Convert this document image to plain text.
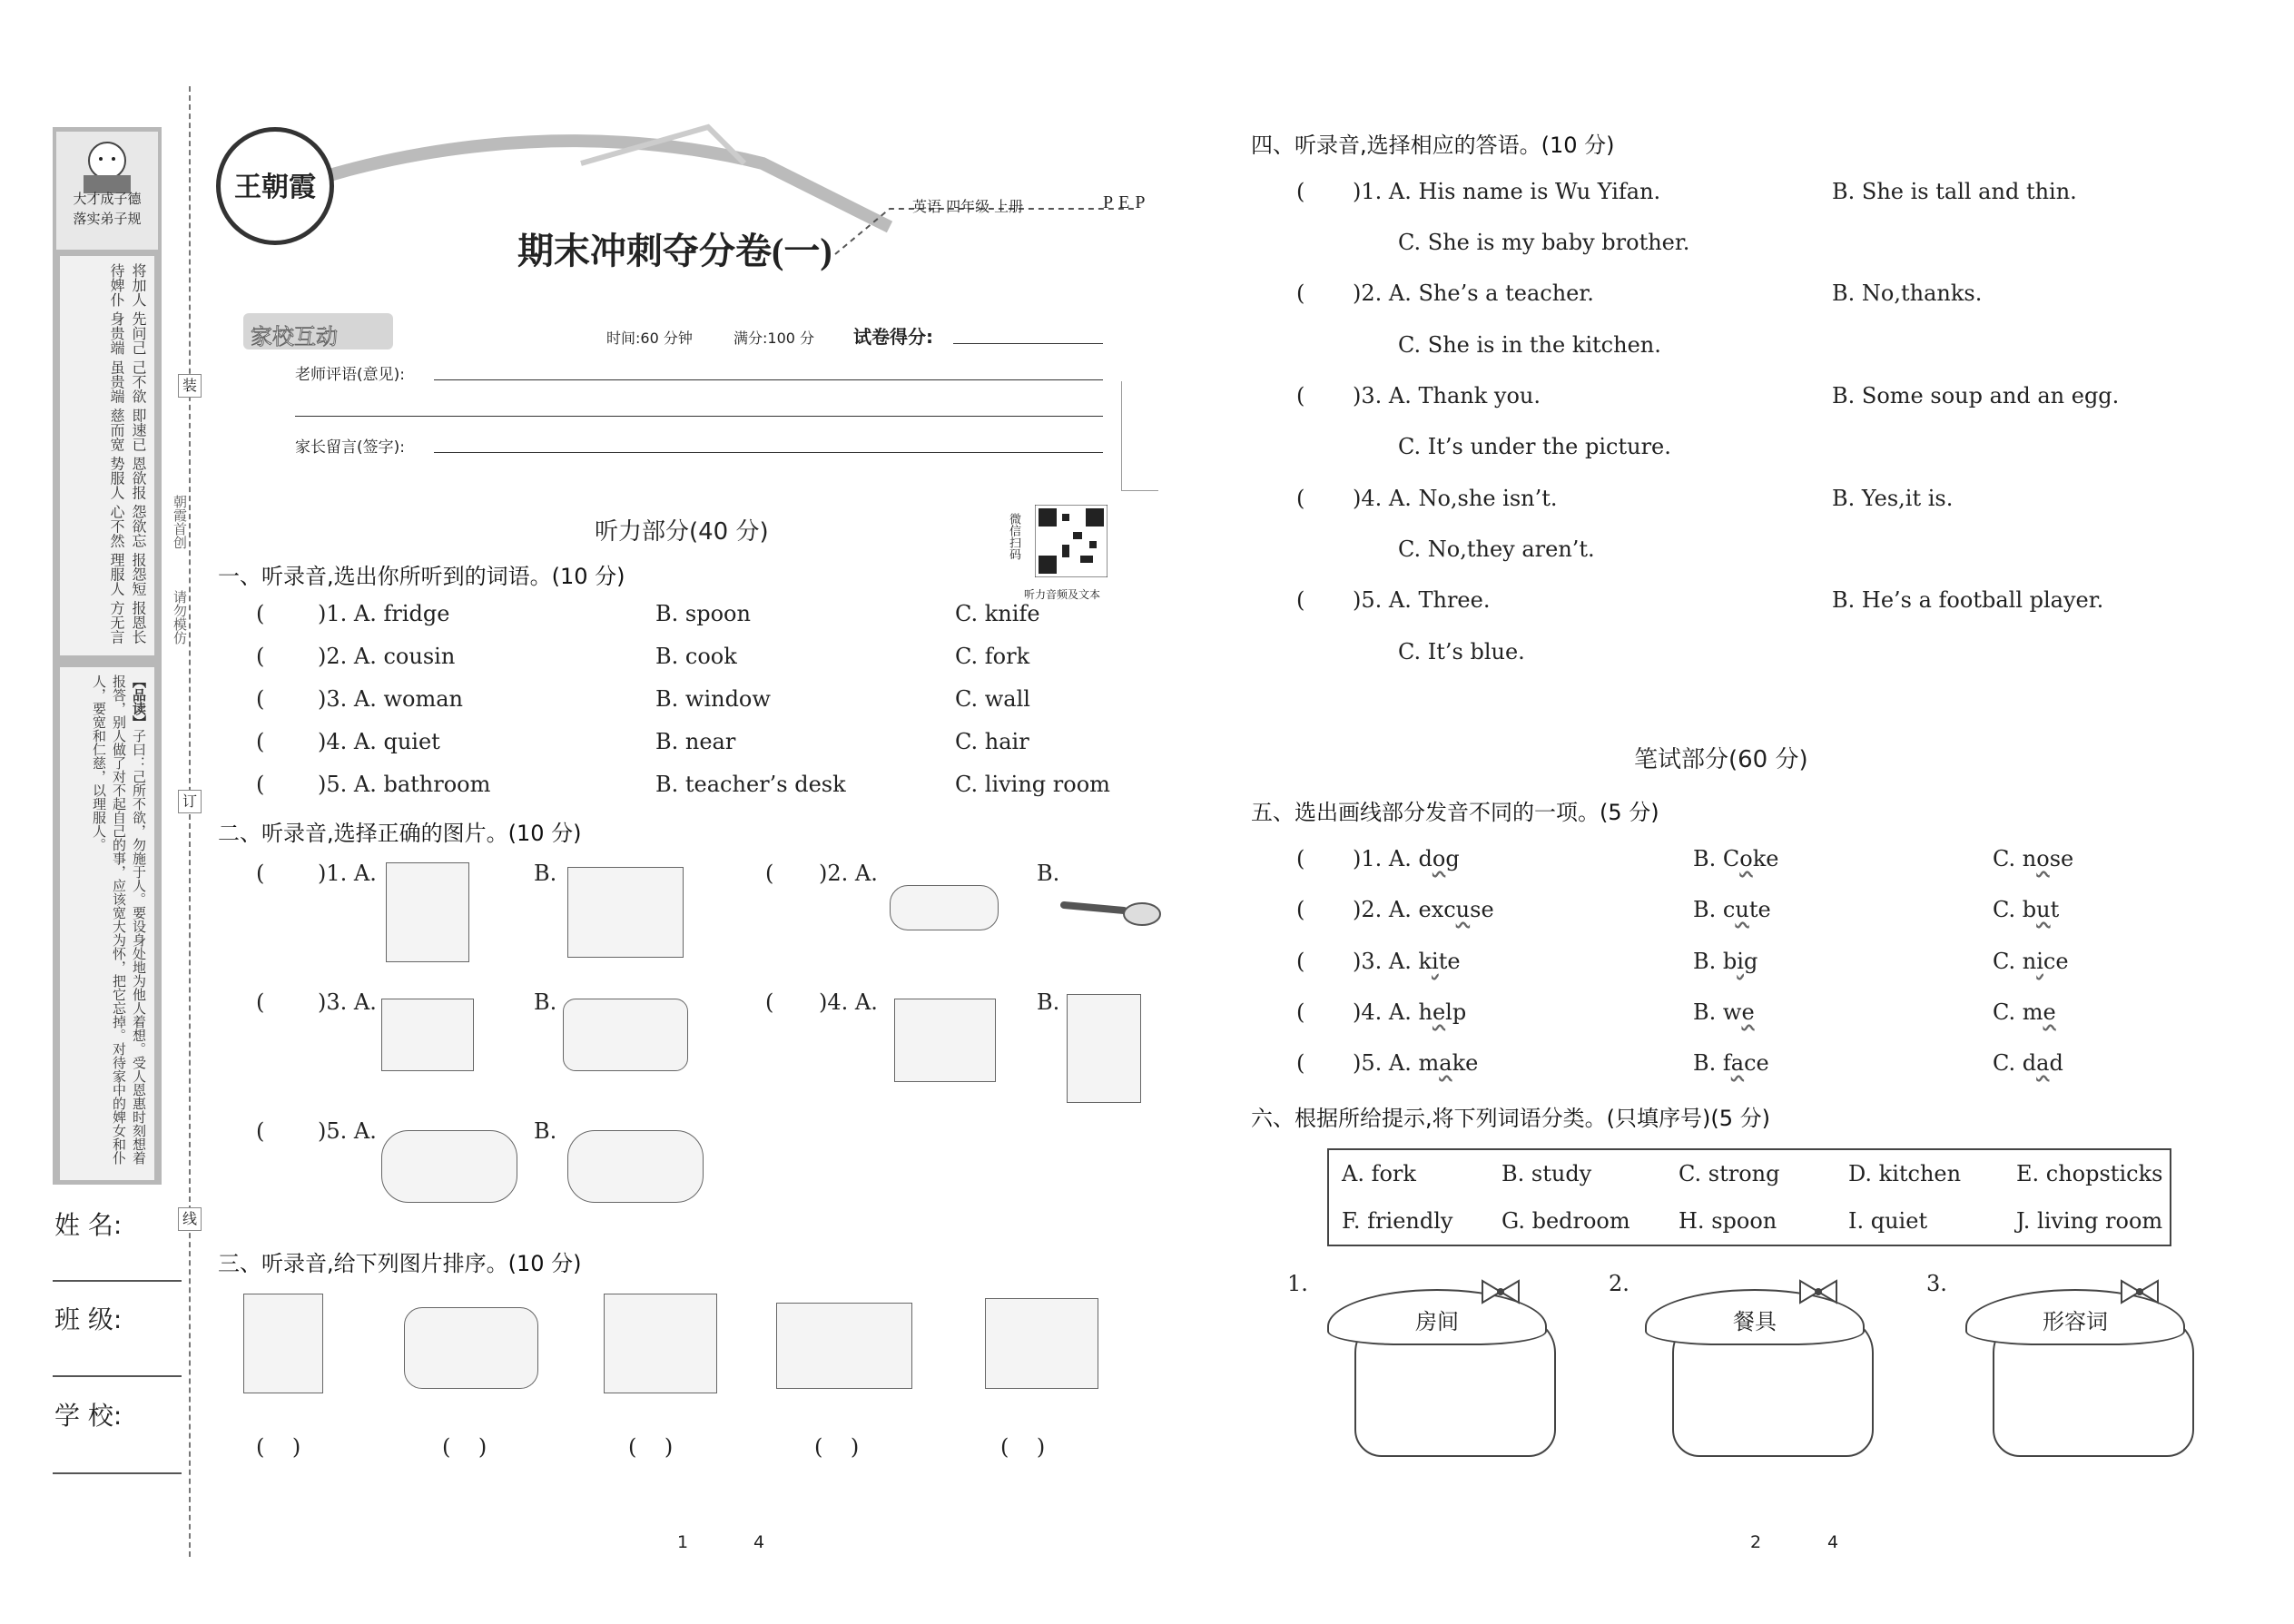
大才成子德
落实弟子规
将加人 先问己 己不欲 即速已 恩欲报 怨欲忘 报怨短 报恩长 待婢仆 身贵端 虽贵端 慈而宽 势服人 心不然 理服人 方无言
【品读】子曰：己所不欲，勿施于人。要设身处地为他人着想。受人恩惠时刻想着报答，别人做了对不起自己的事，应该宽大为怀，把它忘掉。对待家中的婢女和仆人，要宽和仁慈，以理服人。
姓 名:
班 级:
学 校:
装
订
线
朝霞首创
请勿模仿
王朝霞
英语 四年级 上册	PEP
期末冲刺夺分卷(一)
家校互动	时间:60 分钟	满分:100 分 试卷得分:
老师评语(意见):
家长留言(签字):
微信扫码
听力音频及文本
听力部分(40 分)
一、听录音,选出你所听到的词语。(10 分)
( )1. A. fridge	B. spoon	C. knife
( )2. A. cousin	B. cook	C. fork
( )3. A. woman	B. window	C. wall
( )4. A. quiet	B. near	C. hair
( )5. A. bathroom	B. teacher’s desk	C. living room
二、听录音,选择正确的图片。(10 分)
( )1. A.	B.	( )2. A.	B.
( )3. A.	B.	( )4. A.	B.
( )5. A.	B.
三、听录音,给下列图片排序。(10 分)
(    )	(    )	(    )	(    )	(    )
1	4
四、听录音,选择相应的答语。(10 分)
( )1. A. His name is Wu Yifan.	B. She is tall and thin.
C. She is my baby brother.
( )2. A. She’s a teacher.	B. No,thanks.
C. She is in the kitchen.
( )3. A. Thank you.	B. Some soup and an egg.
C. It’s under the picture.
( )4. A. No,she isn’t.	B. Yes,it is.
C. No,they aren’t.
( )5. A. Three.	B. He’s a football player.
C. It’s blue.
笔试部分(60 分)
五、选出画线部分发音不同的一项。(5 分)
( )1. A. dog	B. Coke	C. nose
( )2. A. excuse	B. cute	C. but
( )3. A. kite	B. big	C. nice
( )4. A. help	B. we	C. me
( )5. A. make	B. face	C. dad
六、根据所给提示,将下列词语分类。(只填序号)(5 分)
A. fork	B. study	C. strong	D. kitchen	E. chopsticks
F. friendly G. bedroom H. spoon	I. quiet	J. living room
1.
房间
2.
餐具
3.
形容词
2	4
